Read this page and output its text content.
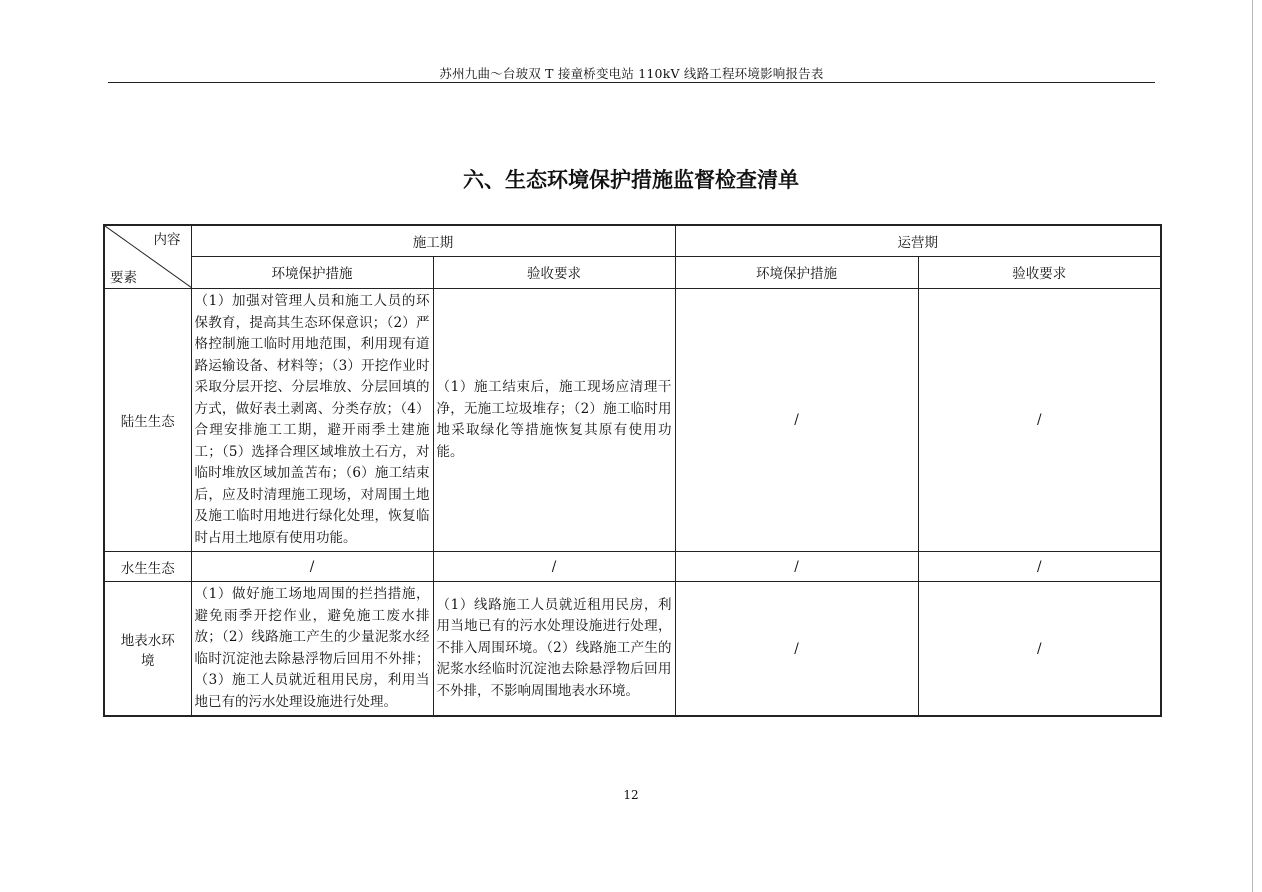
苏州九曲～台玻双 T 接童桥变电站 110kV 线路工程环境影响报告表
六、生态环境保护措施监督检查清单
内容
要素	施工期		运营期	
	环境保护措施	验收要求	环境保护措施	验收要求
陆生生态	（1）加强对管理人员和施工人员的环保教育，提高其生态环保意识；（2）严格控制施工临时用地范围，利用现有道路运输设备、材料等；（3）开挖作业时采取分层开挖、分层堆放、分层回填的方式，做好表土剥离、分类存放；（4）合理安排施工工期，避开雨季土建施工；（5）选择合理区域堆放土石方，对临时堆放区域加盖苫布；（6）施工结束后，应及时清理施工现场，对周围土地及施工临时用地进行绿化处理，恢复临时占用土地原有使用功能。	（1）施工结束后，施工现场应清理干净，无施工垃圾堆存；（2）施工临时用地采取绿化等措施恢复其原有使用功能。	/	/
水生生态	/	/	/	/
地表水环境	（1）做好施工场地周围的拦挡措施，避免雨季开挖作业，避免施工废水排放；（2）线路施工产生的少量泥浆水经临时沉淀池去除悬浮物后回用不外排；（3）施工人员就近租用民房，利用当地已有的污水处理设施进行处理。	（1）线路施工人员就近租用民房，利用当地已有的污水处理设施进行处理，不排入周围环境。（2）线路施工产生的泥浆水经临时沉淀池去除悬浮物后回用不外排，不影响周围地表水环境。	/	/
12
